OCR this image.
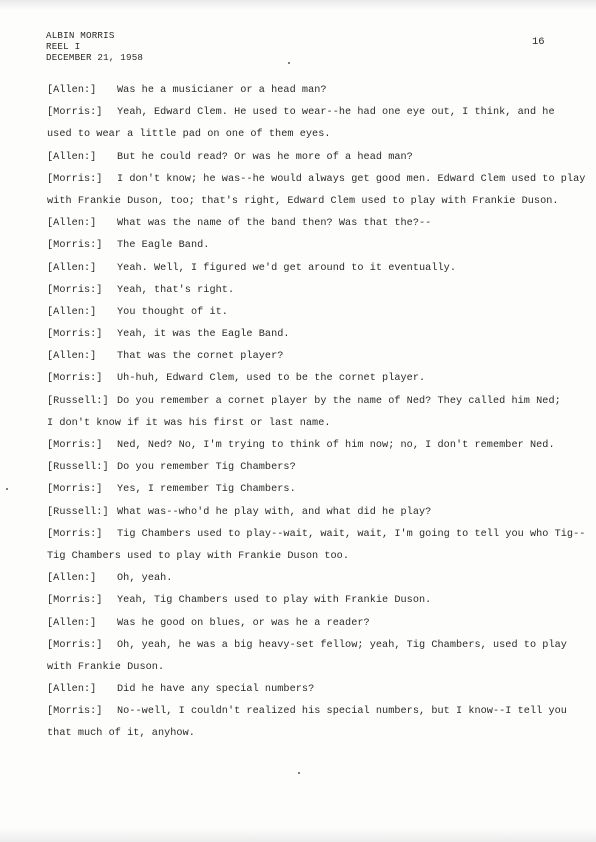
ALBIN MORRIS
REEL I
DECEMBER 21, 1958
16
[Allen:] Was he a musicianer or a head man?
[Morris:] Yeah, Edward Clem. He used to wear--he had one eye out, I think, and he
used to wear a little pad on one of them eyes.
[Allen:] But he could read? Or was he more of a head man?
[Morris:] I don't know; he was--he would always get good men. Edward Clem used to play
with Frankie Duson, too; that's right, Edward Clem used to play with Frankie Duson.
[Allen:] What was the name of the band then? Was that the?--
[Morris:] The Eagle Band.
[Allen:] Yeah. Well, I figured we'd get around to it eventually.
[Morris:] Yeah, that's right.
[Allen:] You thought of it.
[Morris:] Yeah, it was the Eagle Band.
[Allen:] That was the cornet player?
[Morris:] Uh-huh, Edward Clem, used to be the cornet player.
[Russell:] Do you remember a cornet player by the name of Ned? They called him Ned;
I don't know if it was his first or last name.
[Morris:] Ned, Ned? No, I'm trying to think of him now; no, I don't remember Ned.
[Russell:] Do you remember Tig Chambers?
[Morris:] Yes, I remember Tig Chambers.
[Russell:] What was--who'd he play with, and what did he play?
[Morris:] Tig Chambers used to play--wait, wait, wait, I'm going to tell you who Tig--
Tig Chambers used to play with Frankie Duson too.
[Allen:] Oh, yeah.
[Morris:] Yeah, Tig Chambers used to play with Frankie Duson.
[Allen:] Was he good on blues, or was he a reader?
[Morris:] Oh, yeah, he was a big heavy-set fellow; yeah, Tig Chambers, used to play
with Frankie Duson.
[Allen:] Did he have any special numbers?
[Morris:] No--well, I couldn't realized his special numbers, but I know--I tell you
that much of it, anyhow.
